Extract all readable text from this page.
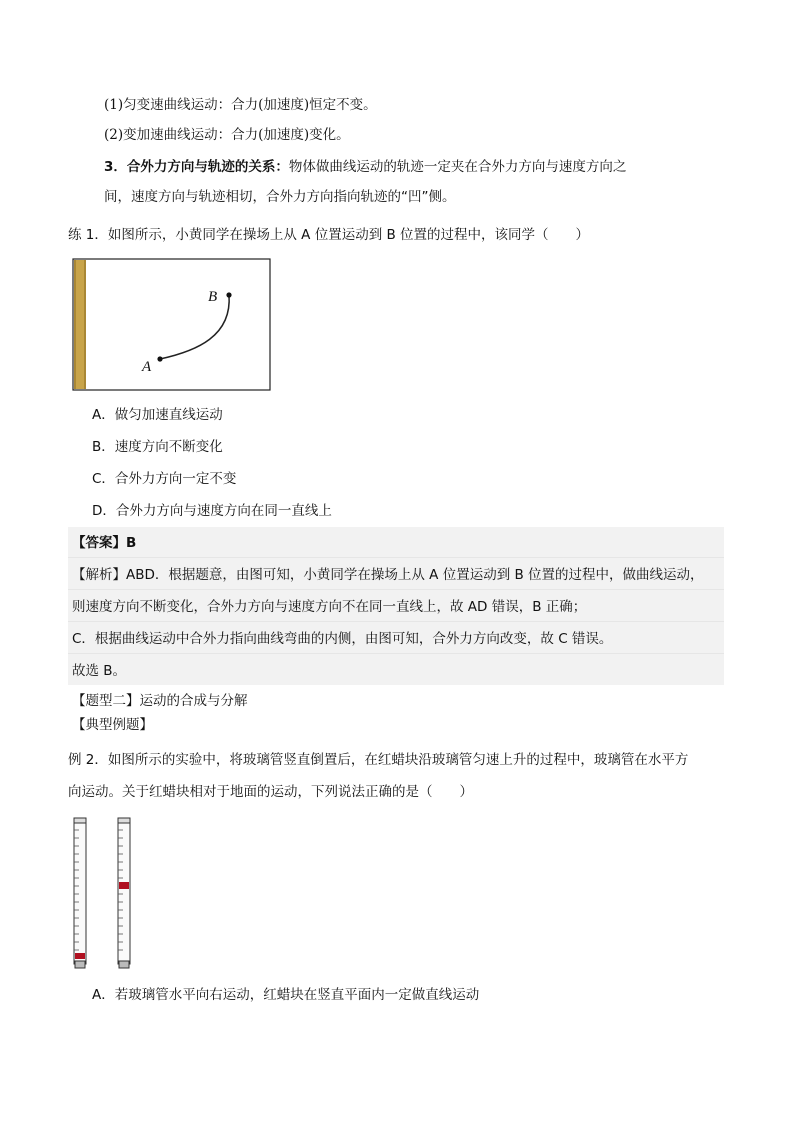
(1)匀变速曲线运动：合力(加速度)恒定不变。
(2)变加速曲线运动：合力(加速度)变化。
3．合外力方向与轨迹的关系：物体做曲线运动的轨迹一定夹在合外力方向与速度方向之
间，速度方向与轨迹相切，合外力方向指向轨迹的“凹”侧。
练 1．如图所示，小黄同学在操场上从 A 位置运动到 B 位置的过程中，该同学（　　）
A
B
A．做匀加速直线运动
B．速度方向不断变化
C．合外力方向一定不变
D．合外力方向与速度方向在同一直线上
【答案】B
【解析】ABD．根据题意，由图可知，小黄同学在操场上从 A 位置运动到 B 位置的过程中，做曲线运动，
则速度方向不断变化，合外力方向与速度方向不在同一直线上，故 AD 错误，B 正确；
C．根据曲线运动中合外力指向曲线弯曲的内侧，由图可知，合外力方向改变，故 C 错误。
故选 B。
【题型二】运动的合成与分解
【典型例题】
例 2．如图所示的实验中，将玻璃管竖直倒置后，在红蜡块沿玻璃管匀速上升的过程中，玻璃管在水平方
向运动。关于红蜡块相对于地面的运动，下列说法正确的是（　　）
A．若玻璃管水平向右运动，红蜡块在竖直平面内一定做直线运动
